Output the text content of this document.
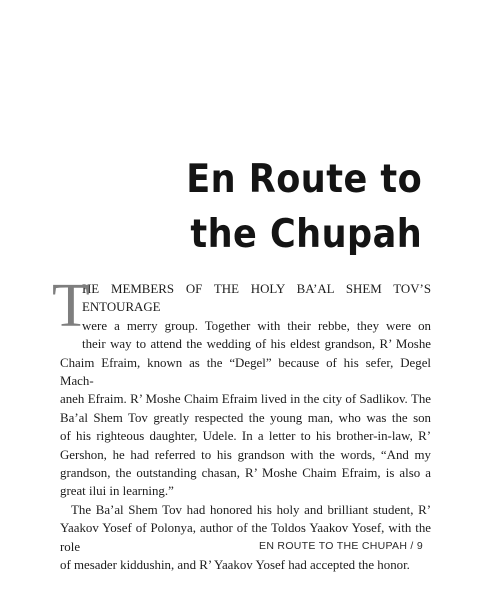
En Route to
the Chupah
T
HE MEMBERS OF THE HOLY BA’AL SHEM TOV’S ENTOURAGE
were a merry group. Together with their rebbe, they were on
their way to attend the wedding of his eldest grandson, R’ Moshe
Chaim Efraim, known as the “Degel” because of his sefer, Degel Mach-
aneh Efraim. R’ Moshe Chaim Efraim lived in the city of Sadlikov. The
Ba’al Shem Tov greatly respected the young man, who was the son
of his righteous daughter, Udele. In a letter to his brother-in-law, R’
Gershon, he had referred to his grandson with the words, “And my
grandson, the outstanding chasan, R’ Moshe Chaim Efraim, is also a
great ilui in learning.”
The Ba’al Shem Tov had honored his holy and brilliant student, R’
Yaakov Yosef of Polonya, author of the Toldos Yaakov Yosef, with the role
of mesader kiddushin, and R’ Yaakov Yosef had accepted the honor.
EN ROUTE TO THE CHUPAH / 9
